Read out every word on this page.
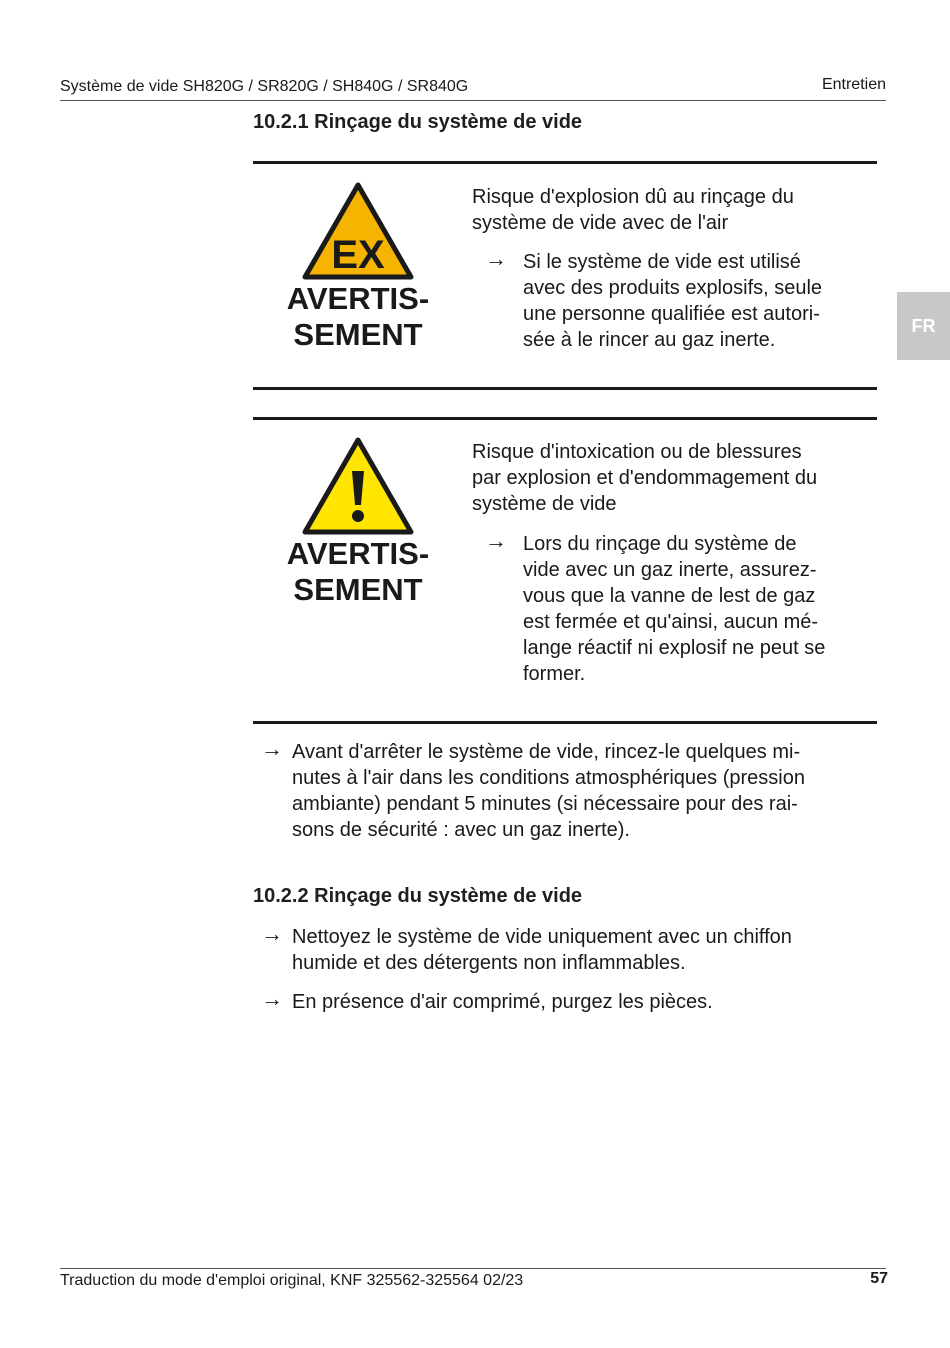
Système de vide SH820G / SR820G / SH840G / SR840G	Entretien
FR
10.2.1 Rinçage du système de vide
EX
AVERTIS-
SEMENT
Risque d'explosion dû au rinçage du
système de vide avec de l'air
→ Si le système de vide est utilisé
avec des produits explosifs, seule
une personne qualifiée est autori-
sée à le rincer au gaz inerte.
AVERTIS-
SEMENT
Risque d'intoxication ou de blessures
par explosion et d'endommagement du
système de vide
→ Lors du rinçage du système de
vide avec un gaz inerte, assurez-
vous que la vanne de lest de gaz
est fermée et qu'ainsi, aucun mé-
lange réactif ni explosif ne peut se
former.
→ Avant d'arrêter le système de vide, rincez-le quelques mi-
nutes à l'air dans les conditions atmosphériques (pression
ambiante) pendant 5 minutes (si nécessaire pour des rai-
sons de sécurité : avec un gaz inerte).
10.2.2 Rinçage du système de vide
→ Nettoyez le système de vide uniquement avec un chiffon
humide et des détergents non inflammables.
→ En présence d'air comprimé, purgez les pièces.
Traduction du mode d'emploi original, KNF 325562-325564 02/23	57
